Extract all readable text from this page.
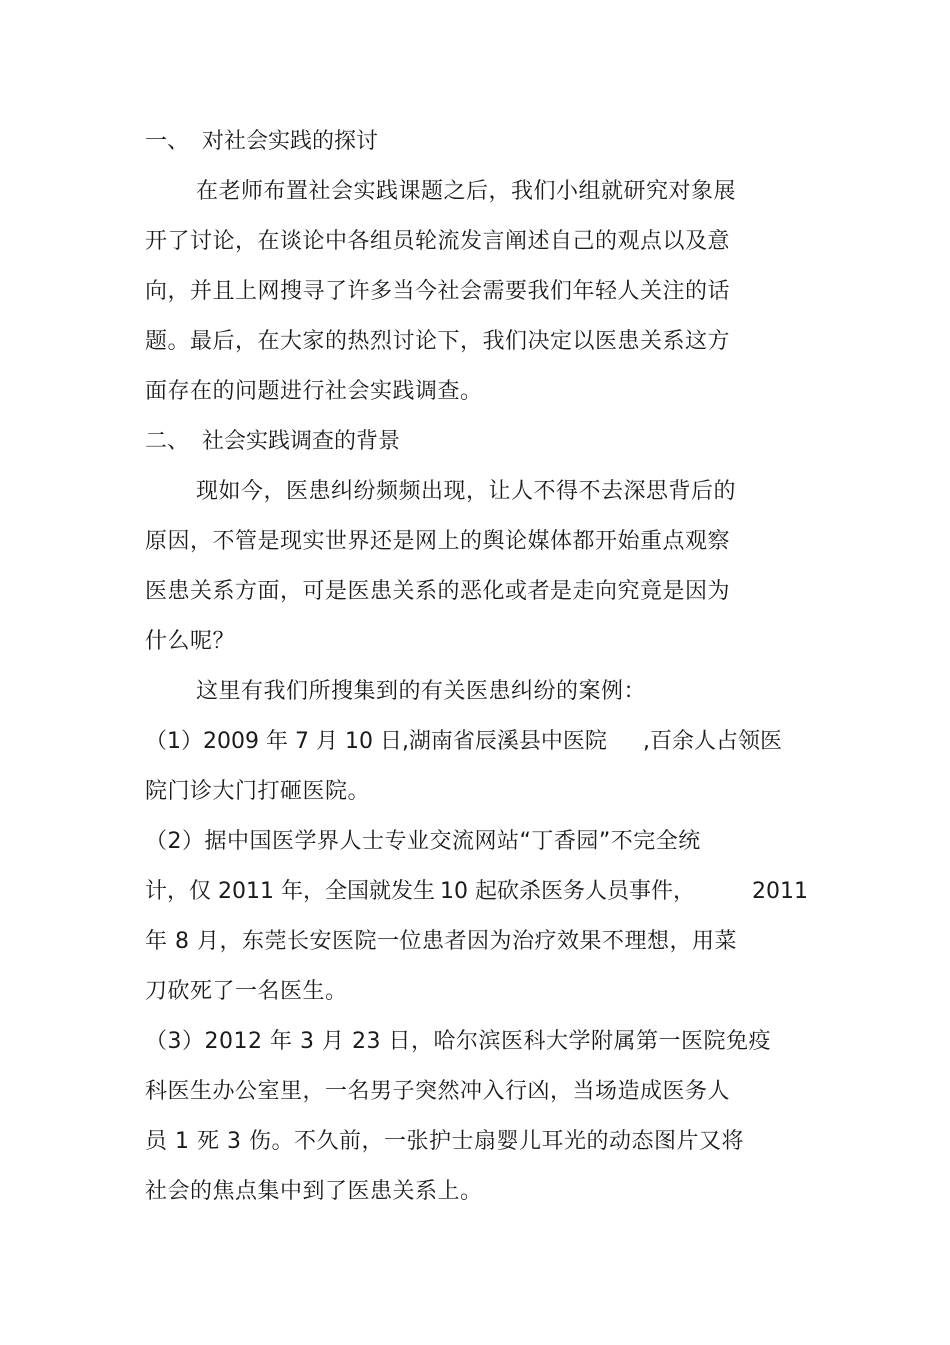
一、 对社会实践的探讨
在老师布置社会实践课题之后，我们小组就研究对象展
开了讨论，在谈论中各组员轮流发言阐述自己的观点以及意
向，并且上网搜寻了许多当今社会需要我们年轻人关注的话
题。最后，在大家的热烈讨论下，我们决定以医患关系这方
面存在的问题进行社会实践调查。
二、 社会实践调查的背景
现如今，医患纠纷频频出现，让人不得不去深思背后的
原因，不管是现实世界还是网上的舆论媒体都开始重点观察
医患关系方面，可是医患关系的恶化或者是走向究竟是因为
什么呢？
这里有我们所搜集到的有关医患纠纷的案例：
（1）2009 年 7 月 10 日,湖南省辰溪县中医院 ,百余人占领医
院门诊大门打砸医院。
（2）据中国医学界人士专业交流网站“丁香园”不完全统
计，仅 2011 年，全国就发生 10 起砍杀医务人员事件，	2011
年 8 月，东莞长安医院一位患者因为治疗效果不理想，用菜
刀砍死了一名医生。
（3）2012 年 3 月 23 日，哈尔滨医科大学附属第一医院免疫
科医生办公室里，一名男子突然冲入行凶，当场造成医务人
员 1 死 3 伤。不久前，一张护士扇婴儿耳光的动态图片又将
社会的焦点集中到了医患关系上。
